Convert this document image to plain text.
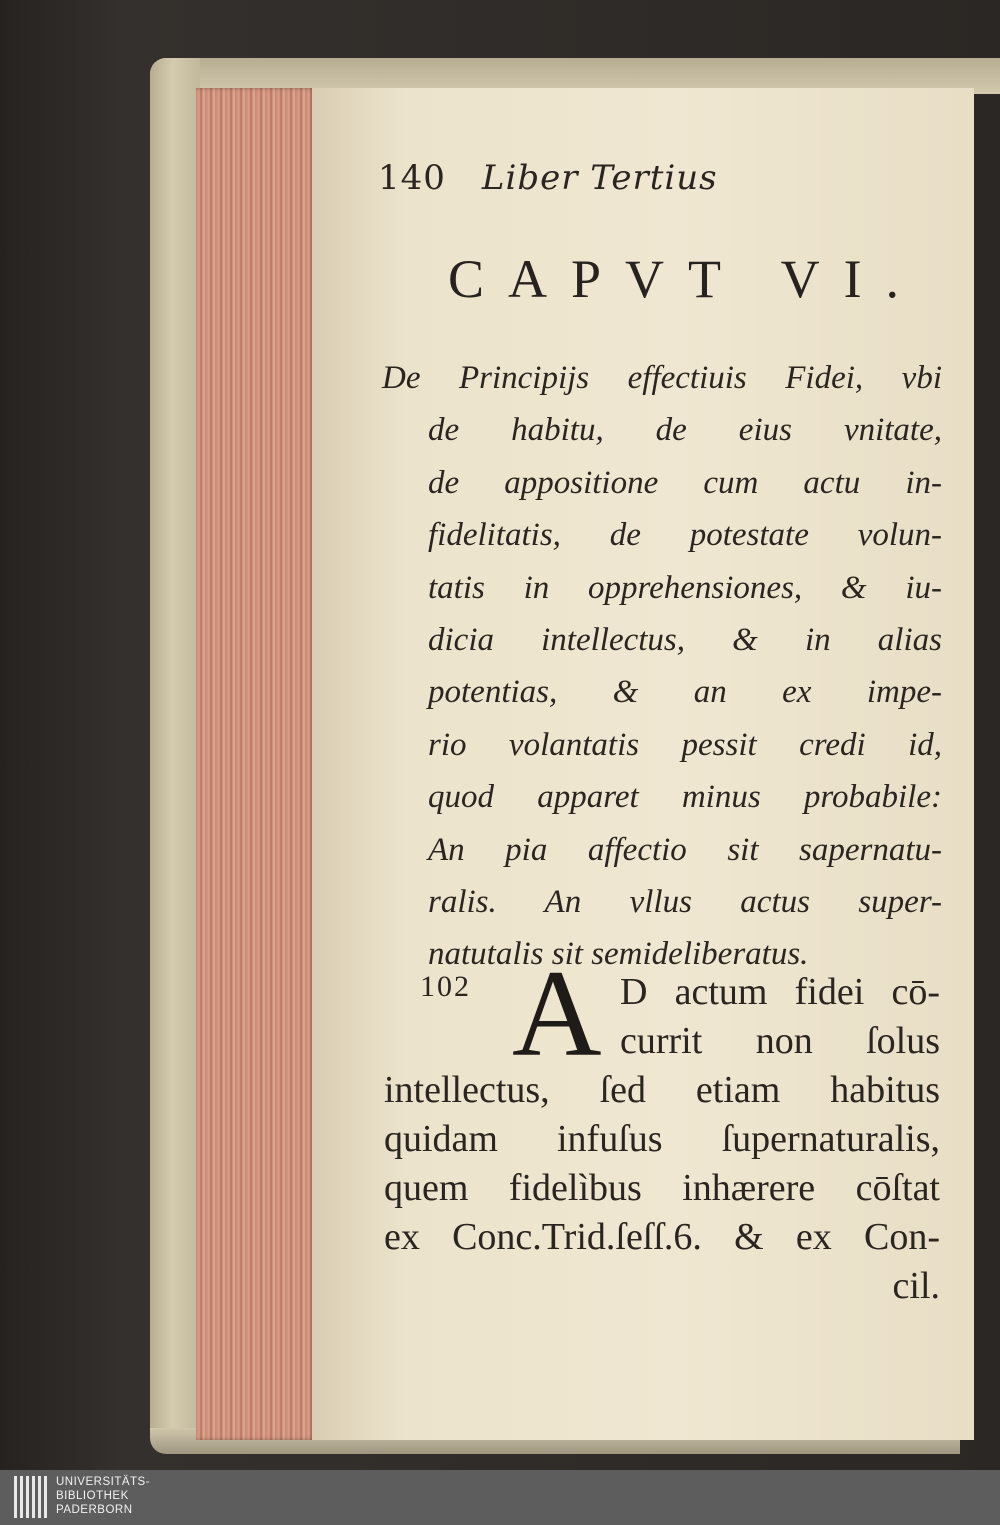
140 Liber Tertius
CAPVT VI.
De Principijs effectiuis Fidei, vbi
de habitu, de eius vnitate,
de appositione cum actu in-
fidelitatis, de potestate volun-
tatis in opprehensiones, & iu-
dicia intellectus, & in alias
potentias, & an ex impe-
rio volantatis pessit credi id,
quod apparet minus probabile:
An pia affectio sit sapernatu-
ralis. An vllus actus super-
natutalis sit semideliberatus.
102 A D actum fidei cō-
currit non ſolus
intellectus, ſed etiam habitus
quidam infuſus ſupernaturalis,
quem fidelìbus inhærere cōſtat
ex Conc.Trid.ſeſſ.6. & ex Con-
cil.
UNIVERSITÄTS-
BIBLIOTHEK
PADERBORN
